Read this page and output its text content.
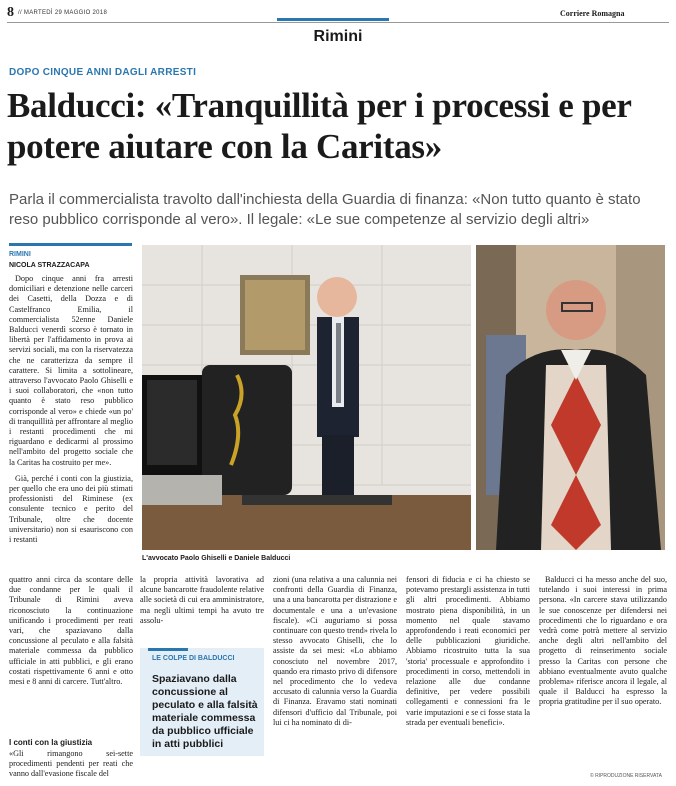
8 // MARTEDÌ 29 MAGGIO 2018	Corriere Romagna
Rimini
DOPO CINQUE ANNI DAGLI ARRESTI
Balducci: «Tranquillità per i processi e per potere aiutare con la Caritas»
Parla il commercialista travolto dall'inchiesta della Guardia di finanza: «Non tutto quanto è stato reso pubblico corrisponde al vero». Il legale: «Le sue competenze al servizio degli altri»
RIMINI
NICOLA STRAZZACAPA

Dopo cinque anni fra arresti domiciliari e detenzione nelle carceri dei Casetti, della Dozza e di Castelfranco Emilia, il commercialista 52enne Daniele Balducci venerdì scorso è tornato in libertà per l'affidamento in prova ai servizi sociali, ma con la riservatezza che ne caratterizza da sempre il carattere. Si limita a sottolineare, attraverso l'avvocato Paolo Ghiselli e i suoi collaboratori, che «non tutto quanto è stato reso pubblico corrisponde al vero» e chiede «un po' di tranquillità per affrontare al meglio i restanti procedimenti che mi riguardano e dedicarmi al prossimo nell'ambito del progetto sociale che la Caritas ha costruito per me».

Già, perché i conti con la giustizia, per quello che era uno dei più stimati professionisti del Riminese (ex consulente tecnico e perito del Tribunale, oltre che docente universitario) non si esauriscono con i restanti

L'avvocato Paolo Ghiselli e Daniele Balducci

quattro anni circa da scontare delle due condanne per le quali il Tribunale di Rimini aveva riconosciuto la continuazione unificando i procedimenti per reati vari, che spaziavano dalla concussione al peculato e alla falsità materiale commessa da pubblico ufficiale in atti pubblici, e gli erano costati rispettivamente 6 anni e otto mesi e 8 anni di carcere. Tutt'altro.

I conti con la giustizia

«Gli rimangono sei-sette procedimenti pendenti per reati che vanno dall'evasione fiscale del

la propria attività lavorativa ad alcune bancarotte fraudolente relative alle società di cui era amministratore, ma negli ultimi tempi ha avuto tre assolu-

LE COLPE DI BALDUCCI
Spaziavano dalla concussione al peculato e alla falsità materiale commessa da pubblico ufficiale in atti pubblici

zioni (una relativa a una calunnia nei confronti della Guardia di Finanza, una a una bancarotta per distrazione e documentale e una a un'evasione fiscale). «Ci auguriamo si possa continuare con questo trend» rivela lo stesso avvocato Ghiselli, che lo assiste da sei mesi: «Lo abbiamo conosciuto nel novembre 2017, quando era rimasto privo di difensore nel procedimento che lo vedeva accusato di calunnia verso la Guardia di Finanza. Eravamo stati nominati difensori d'ufficio dal Tribunale, poi lui ci ha nominato di di-

fensori di fiducia e ci ha chiesto se potevamo prestargli assistenza in tutti gli altri procedimenti. Abbiamo mostrato piena disponibilità, in un momento nel quale stavamo approfondendo i reati economici per delle pubblicazioni giuridiche. Abbiamo ricostruito tutta la sua 'storia' processuale e approfondito i procedimenti in corso, mettendoli in relazione alle due condanne definitive, per vedere possibili collegamenti e connessioni fra le varie imputazioni e se ci fosse stata la strada per eventuali benefici».

Balducci ci ha messo anche del suo, tutelando i suoi interessi in prima persona. «In carcere stava utilizzando le sue conoscenze per difendersi nei procedimenti che lo riguardano e ora vedrà come potrà mettere al servizio anche degli altri nell'ambito del progetto di reinserimento sociale presso la Caritas con persone che abbiano eventualmente avuto qualche problema» riferisce ancora il legale, al quale il Balducci ha espresso la propria gratitudine per il suo operato.

© RIPRODUZIONE RISERVATA
